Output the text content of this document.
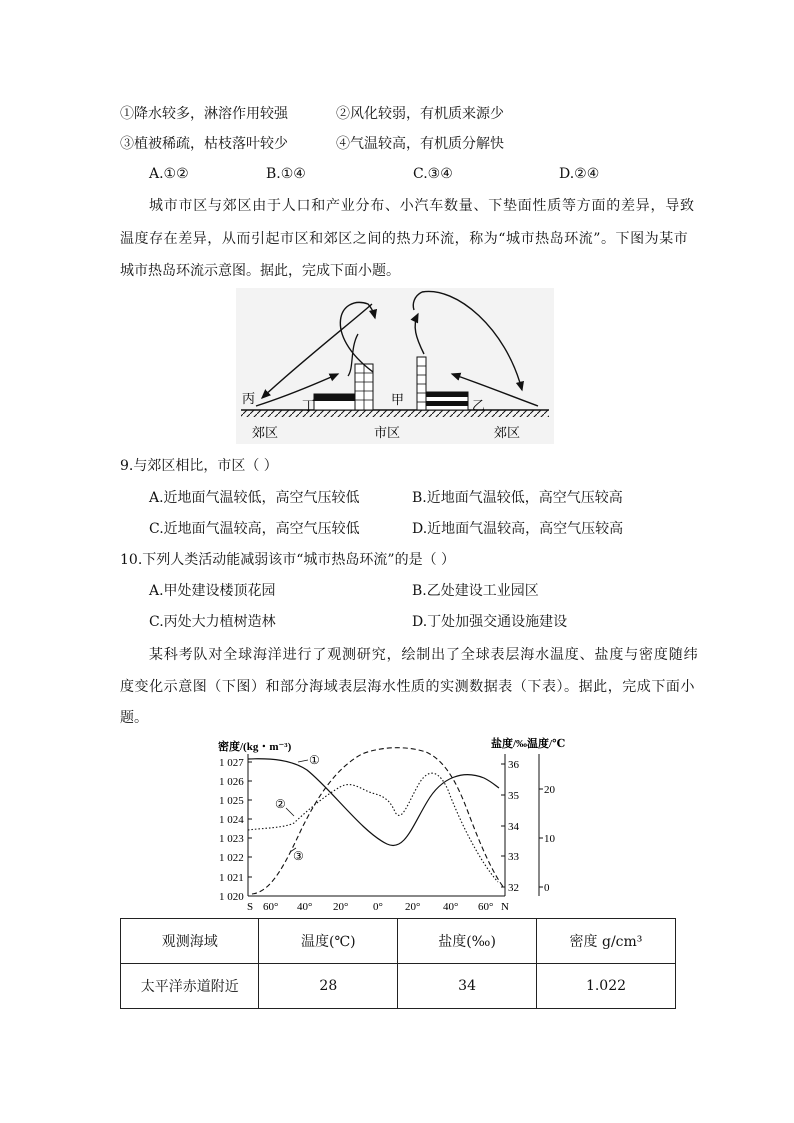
①降水较多，淋溶作用较强	②风化较弱，有机质来源少
③植被稀疏，枯枝落叶较少	④气温较高，有机质分解快
A.①②	B.①④	C.③④	D.②④
城市市区与郊区由于人口和产业分布、小汽车数量、下垫面性质等方面的差异，导致
温度存在差异，从而引起市区和郊区之间的热力环流，称为“城市热岛环流”。下图为某市
城市热岛环流示意图。据此，完成下面小题。
丙	丁	甲	乙
郊区	市区	郊区
9.与郊区相比，市区（ ）
A.近地面气温较低，高空气压较低	B.近地面气温较低，高空气压较高
C.近地面气温较高，高空气压较低	D.近地面气温较高，高空气压较高
10.下列人类活动能减弱该市“城市热岛环流”的是（ ）
A.甲处建设楼顶花园	B.乙处建设工业园区
C.丙处大力植树造林	D.丁处加强交通设施建设
某科考队对全球海洋进行了观测研究，绘制出了全球表层海水温度、盐度与密度随纬
度变化示意图（下图）和部分海域表层海水性质的实测数据表（下表）。据此，完成下面小
题。
密度/(kg・m⁻³)	盐度/‰温度/℃
1 027
1 026
1 025
1 024
1 023
1 022
1 021
1 020
S 60° 40° 20° 0° 20° 40° 60° N
36
35
34
33
32
20
10
0
①
②
③
观测海域	温度(℃)	盐度(‰)	密度 g/cm³
太平洋赤道附近	28	34	1.022
